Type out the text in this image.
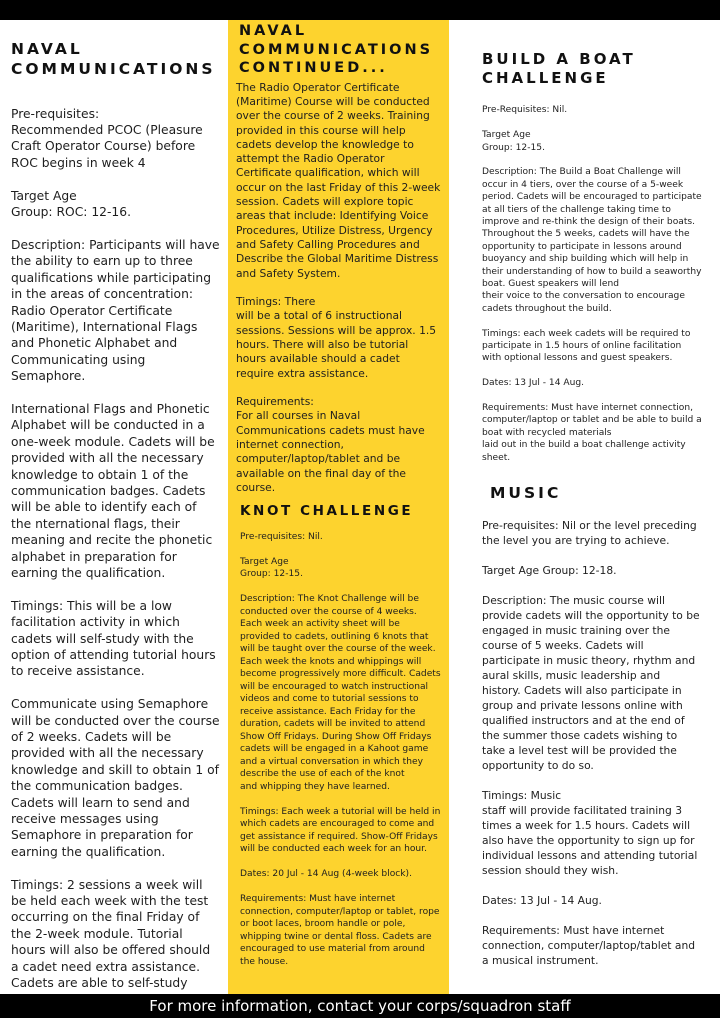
NAVAL COMMUNICATIONS

Pre-requisites:
Recommended PCOC (Pleasure Craft Operator Course) before ROC begins in week 4

Target Age
Group: ROC: 12-16.

Description: Participants will have the ability to earn up to three qualifications while participating in the areas of concentration: Radio Operator Certificate (Maritime), International Flags and Phonetic Alphabet and Communicating using Semaphore.

International Flags and Phonetic Alphabet will be conducted in a one-week module. Cadets will be provided with all the necessary knowledge to obtain 1 of the communication badges. Cadets will be able to identify each of the nternational flags, their meaning and recite the phonetic alphabet in preparation for earning the qualification.

Timings: This will be a low facilitation activity in which cadets will self-study with the option of attending tutorial hours to receive assistance.

Communicate using Semaphore will be conducted over the course of 2 weeks. Cadets will be provided with all the necessary knowledge and skill to obtain 1 of the communication badges. Cadets will learn to send and receive messages using Semaphore in preparation for earning the qualification.

Timings: 2 sessions a week will be held each week with the test occurring on the final Friday of the 2-week module. Tutorial hours will also be offered should a cadet need extra assistance. Cadets are able to self-study

NAVAL COMMUNICATIONS CONTINUED...

The Radio Operator Certificate (Maritime) Course will be conducted over the course of 2 weeks. Training provided in this course will help cadets develop the knowledge to attempt the Radio Operator Certificate qualification, which will occur on the last Friday of this 2-week session. Cadets will explore topic areas that include: Identifying Voice Procedures, Utilize Distress, Urgency and Safety Calling Procedures and Describe the Global Maritime Distress and Safety System.

Timings: There
will be a total of 6 instructional sessions. Sessions will be approx. 1.5
hours. There will also be tutorial hours available should a cadet require extra assistance.

Requirements:
For all courses in Naval Communications cadets must have internet connection, computer/laptop/tablet and be available on the final day of the course.

KNOT CHALLENGE

Pre-requisites: Nil.

Target Age
Group: 12-15.

Description: The Knot Challenge will be conducted over the course of 4 weeks. Each week an activity sheet will be provided to cadets, outlining 6 knots that will be taught over the course of the week. Each week the knots and whippings will become progressively more difficult. Cadets will be encouraged to watch instructional videos and come to tutorial sessions to receive assistance. Each Friday for the duration, cadets will be invited to attend Show Off Fridays. During Show Off Fridays cadets will be engaged in a Kahoot game and a virtual conversation in which they describe the use of each of the knot
and whipping they have learned.

Timings: Each week a tutorial will be held in which cadets are encouraged to come and get assistance if required. Show-Off Fridays will be conducted each week for an hour.

Dates: 20 Jul - 14 Aug (4-week block).

Requirements: Must have internet connection, computer/laptop or tablet, rope or boot laces, broom handle or pole, whipping twine or dental floss. Cadets are encouraged to use material from around the house.

BUILD A BOAT CHALLENGE

Pre-Requisites: Nil.

Target Age
Group: 12-15.

Description: The Build a Boat Challenge will occur in 4 tiers, over the course of a 5-week
period. Cadets will be encouraged to participate at all tiers of the challenge taking time to improve and re-think the design of their boats.
Throughout the 5 weeks, cadets will have the opportunity to participate in lessons around buoyancy and ship building which will help in their understanding of how to build a seaworthy boat. Guest speakers will lend
their voice to the conversation to encourage cadets throughout the build.

Timings: each week cadets will be required to participate in 1.5 hours of online facilitation
with optional lessons and guest speakers.

Dates: 13 Jul - 14 Aug.

Requirements: Must have internet connection, computer/laptop or tablet and be able to build a boat with recycled materials
laid out in the build a boat challenge activity sheet.

MUSIC

Pre-requisites: Nil or the level preceding the level you are trying to achieve.

Target Age Group: 12-18.

Description: The music course will provide cadets will the opportunity to be engaged in music training over the course of 5 weeks. Cadets will participate in music theory, rhythm and aural skills, music leadership and history. Cadets will also participate in group and private lessons online with qualified instructors and at the end of the summer those cadets wishing to take a level test will be provided the opportunity to do so.

Timings: Music
staff will provide facilitated training 3 times a week for 1.5 hours. Cadets will also have the opportunity to sign up for individual lessons and attending tutorial session should they wish.

Dates: 13 Jul - 14 Aug.

Requirements: Must have internet connection, computer/laptop/tablet and a musical instrument.

For more information, contact your corps/squadron staff
